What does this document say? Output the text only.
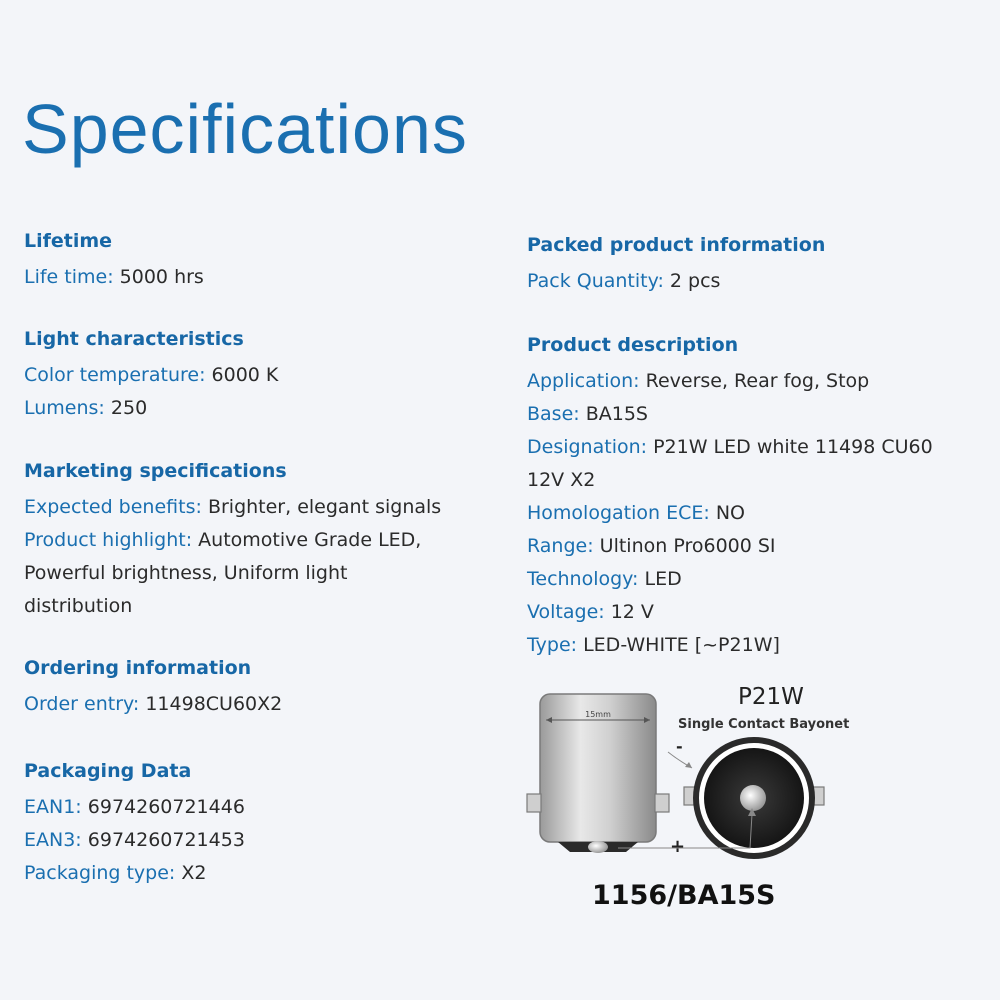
Specifications
Lifetime

Life time: 5000 hrs

Light characteristics

Color temperature: 6000 K

Lumens: 250

Marketing specifications

Expected benefits: Brighter, elegant signals

Product highlight: Automotive Grade LED,

Powerful brightness, Uniform light

distribution

Ordering information

Order entry: 11498CU60X2

Packaging Data

EAN1: 6974260721446

EAN3: 6974260721453

Packaging type: X2

Packed product information

Pack Quantity: 2 pcs

Product description

Application: Reverse, Rear fog, Stop

Base: BA15S

Designation: P21W LED white 11498 CU60

12V X2

Homologation ECE: NO

Range: Ultinon Pro6000 SI

Technology: LED

Voltage: 12 V

Type: LED-WHITE [~P21W]

15mm
P21W
Single Contact Bayonet
-
+
1156/BA15S
